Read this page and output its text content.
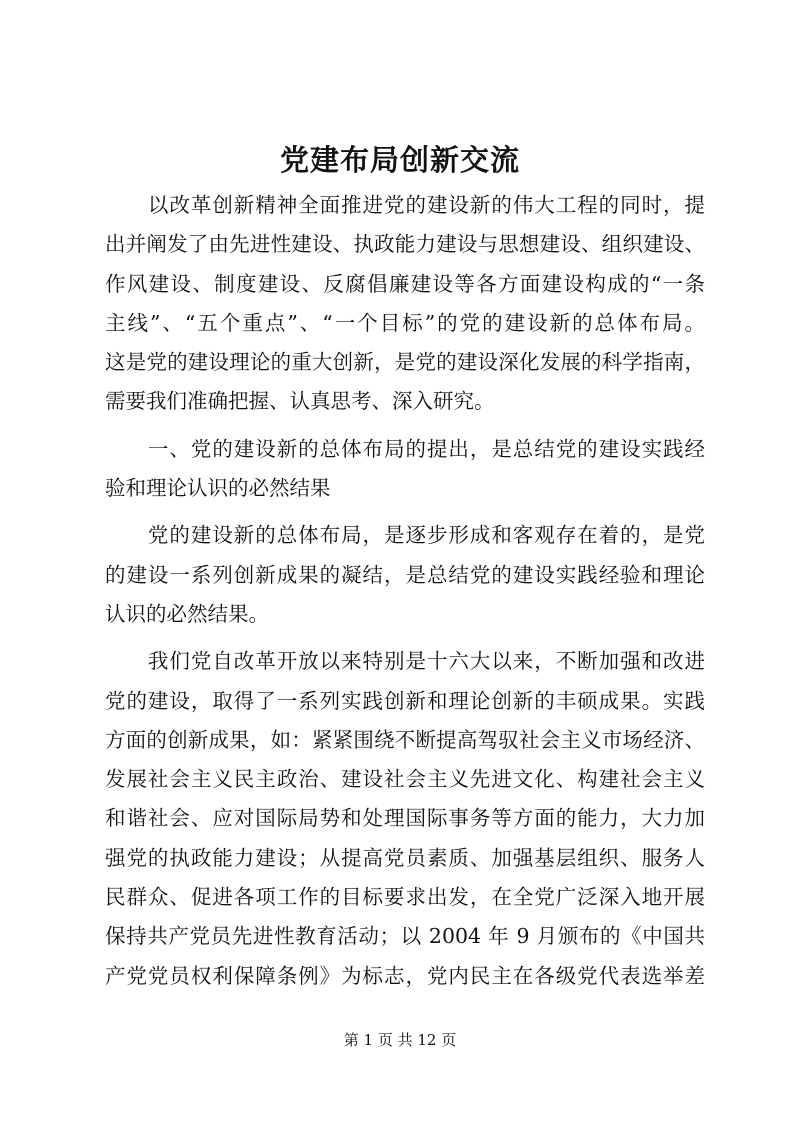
党建布局创新交流
　　以改革创新精神全面推进党的建设新的伟大工程的同时，提
出并阐发了由先进性建设、执政能力建设与思想建设、组织建设、
作风建设、制度建设、反腐倡廉建设等各方面建设构成的“一条
主线”、“五个重点”、“一个目标”的党的建设新的总体布局。
这是党的建设理论的重大创新，是党的建设深化发展的科学指南，
需要我们准确把握、认真思考、深入研究。
　　一、党的建设新的总体布局的提出，是总结党的建设实践经
验和理论认识的必然结果
　　党的建设新的总体布局，是逐步形成和客观存在着的，是党
的建设一系列创新成果的凝结，是总结党的建设实践经验和理论
认识的必然结果。
　　我们党自改革开放以来特别是十六大以来，不断加强和改进
党的建设，取得了一系列实践创新和理论创新的丰硕成果。实践
方面的创新成果，如：紧紧围绕不断提高驾驭社会主义市场经济、
发展社会主义民主政治、建设社会主义先进文化、构建社会主义
和谐社会、应对国际局势和处理国际事务等方面的能力，大力加
强党的执政能力建设；从提高党员素质、加强基层组织、服务人
民群众、促进各项工作的目标要求出发，在全党广泛深入地开展
保持共产党员先进性教育活动；以 2004 年 9 月颁布的《中国共
产党党员权利保障条例》为标志，党内民主在各级党代表选举差
第 1 页 共 12 页
